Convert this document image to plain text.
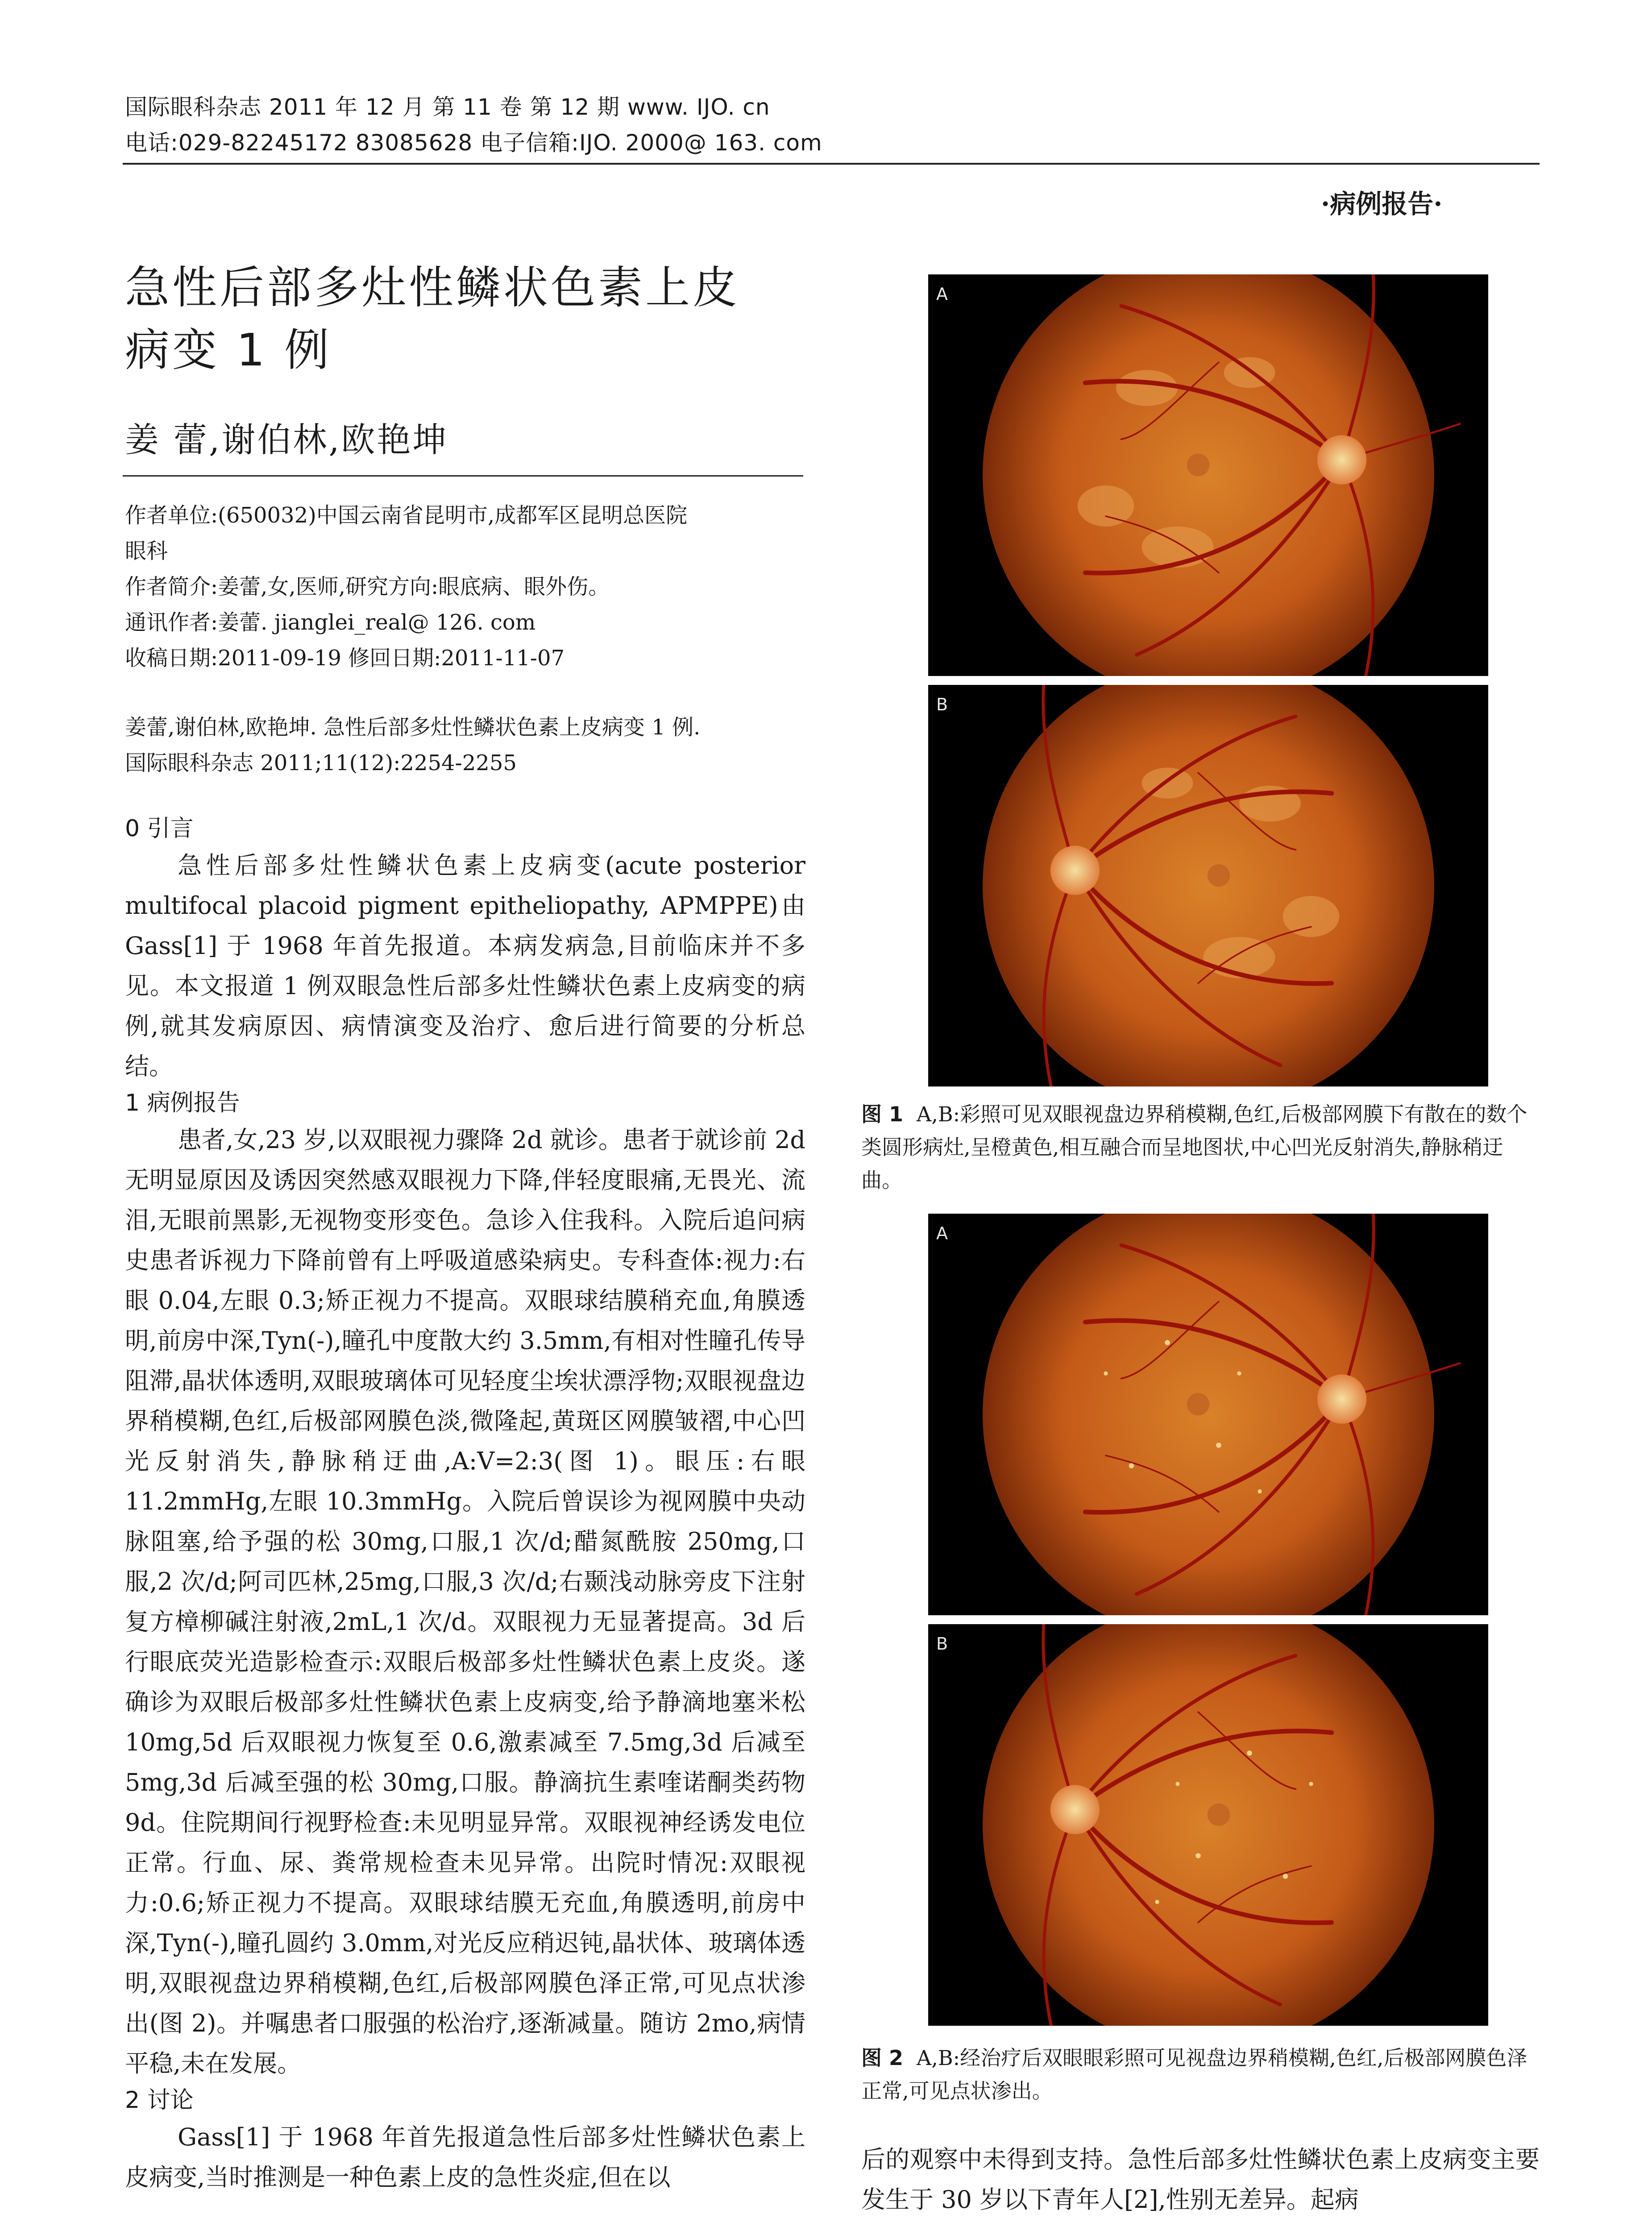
国际眼科杂志 2011 年 12 月 第 11 卷 第 12 期 www. IJO. cn
电话:029-82245172 83085628 电子信箱:IJO. 2000@ 163. com
·病例报告·
急性后部多灶性鳞状色素上皮
病变 1 例
姜 蕾,谢伯林,欧艳坤
作者单位:(650032)中国云南省昆明市,成都军区昆明总医院
眼科
作者简介:姜蕾,女,医师,研究方向:眼底病、眼外伤。
通讯作者:姜蕾. jianglei_real@ 126. com
收稿日期:2011-09-19 修回日期:2011-11-07
姜蕾,谢伯林,欧艳坤. 急性后部多灶性鳞状色素上皮病变 1 例.
国际眼科杂志 2011;11(12):2254-2255
0 引言

急性后部多灶性鳞状色素上皮病变(acute posterior multifocal placoid pigment epitheliopathy, APMPPE)由 Gass[1] 于 1968 年首先报道。本病发病急,目前临床并不多见。本文报道 1 例双眼急性后部多灶性鳞状色素上皮病变的病例,就其发病原因、病情演变及治疗、愈后进行简要的分析总结。

1 病例报告

患者,女,23 岁,以双眼视力骤降 2d 就诊。患者于就诊前 2d 无明显原因及诱因突然感双眼视力下降,伴轻度眼痛,无畏光、流泪,无眼前黑影,无视物变形变色。急诊入住我科。入院后追问病史患者诉视力下降前曾有上呼吸道感染病史。专科查体:视力:右眼 0.04,左眼 0.3;矫正视力不提高。双眼球结膜稍充血,角膜透明,前房中深,Tyn(-),瞳孔中度散大约 3.5mm,有相对性瞳孔传导阻滞,晶状体透明,双眼玻璃体可见轻度尘埃状漂浮物;双眼视盘边界稍模糊,色红,后极部网膜色淡,微隆起,黄斑区网膜皱褶,中心凹光反射消失,静脉稍迂曲,A:V=2:3(图 1)。眼压:右眼 11.2mmHg,左眼 10.3mmHg。入院后曾误诊为视网膜中央动脉阻塞,给予强的松 30mg,口服,1 次/d;醋氮酰胺 250mg,口服,2 次/d;阿司匹林,25mg,口服,3 次/d;右颞浅动脉旁皮下注射复方樟柳碱注射液,2mL,1 次/d。双眼视力无显著提高。3d 后行眼底荧光造影检查示:双眼后极部多灶性鳞状色素上皮炎。遂确诊为双眼后极部多灶性鳞状色素上皮病变,给予静滴地塞米松 10mg,5d 后双眼视力恢复至 0.6,激素减至 7.5mg,3d 后减至 5mg,3d 后减至强的松 30mg,口服。静滴抗生素喹诺酮类药物 9d。住院期间行视野检查:未见明显异常。双眼视神经诱发电位正常。行血、尿、粪常规检查未见异常。出院时情况:双眼视力:0.6;矫正视力不提高。双眼球结膜无充血,角膜透明,前房中深,Tyn(-),瞳孔圆约 3.0mm,对光反应稍迟钝,晶状体、玻璃体透明,双眼视盘边界稍模糊,色红,后极部网膜色泽正常,可见点状渗出(图 2)。并嘱患者口服强的松治疗,逐渐减量。随访 2mo,病情平稳,未在发展。

2 讨论

Gass[1] 于 1968 年首先报道急性后部多灶性鳞状色素上皮病变,当时推测是一种色素上皮的急性炎症,但在以

A
B
图 1 A,B:彩照可见双眼视盘边界稍模糊,色红,后极部网膜下有散在的数个类圆形病灶,呈橙黄色,相互融合而呈地图状,中心凹光反射消失,静脉稍迂曲。
A
B
图 2 A,B:经治疗后双眼眼彩照可见视盘边界稍模糊,色红,后极部网膜色泽正常,可见点状渗出。

后的观察中未得到支持。急性后部多灶性鳞状色素上皮病变主要发生于 30 岁以下青年人[2],性别无差异。起病
